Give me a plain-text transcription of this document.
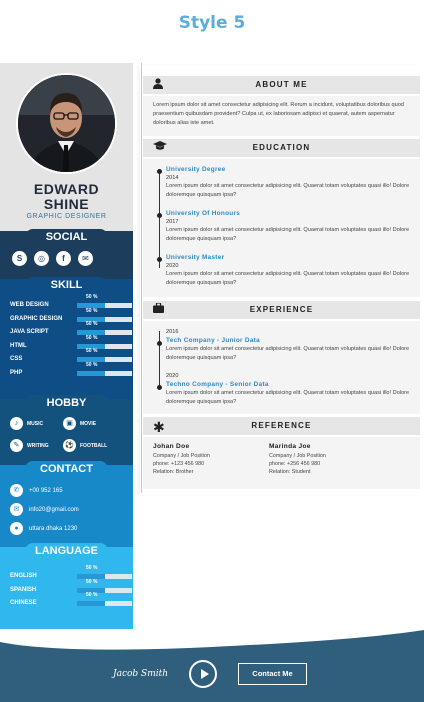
Style 5
EDWARD
SHINE
GRAPHIC DESIGNER
SOCIAL
S	◎	f	✉
SKILL
WEB DESIGN
50 %
GRAPHIC DESIGN
50 %
JAVA SCRIPT
50 %
HTML
50 %
CSS
50 %
PHP
50 %
HOBBY
♪	MUSIC	▣	MOVIE
✎	WRITING	⚽	FOOTBALL
CONTACT
✆	+00 952 165
✉	info20@gmail.com
●	uttara dhaka 1230
LANGUAGE
ENGLISH
50 %
SPANISH
50 %
CHINESE
50 %
ABOUT ME
Lorem ipsum dolor sit amet consectetur adipisicing elit. Rerum a incidunt, voluptatibus doloribus quod praesentium quibusdam provident? Culpa ut, ex laboriosam adipisci et quaerat, autem aspernatur doloribus alias iste amet.
EDUCATION
University Degree
2014
Lorem ipsum dolor sit amet consectetur adipisicing elit. Quaerat totam voluptates quasi illo! Dolore doloremque quisquam ipsa?
University Of Honours
2017
Lorem ipsum dolor sit amet consectetur adipisicing elit. Quaerat totam voluptates quasi illo! Dolore doloremque quisquam ipsa?
University Master
2020
Lorem ipsum dolor sit amet consectetur adipisicing elit. Quaerat totam voluptates quasi illo! Dolore doloremque quisquam ipsa?
EXPERIENCE
2016
Tech Company - Junior Data
Lorem ipsum dolor sit amet consectetur adipisicing elit. Quaerat totam voluptates quasi illo! Dolore doloremque quisquam ipsa?
2020
Techno Company - Senior Data
Lorem ipsum dolor sit amet consectetur adipisicing elit. Quaerat totam voluptates quasi illo! Dolore doloremque quisquam ipsa?
✱	REFERENCE
Johan Doe
Company / Job Position
phone: +123 456 980
Relation: Brother
Marinda Joe
Company / Job Position
phone: +256 456 980
Relation: Student
Jacob Smith	Contact Me
